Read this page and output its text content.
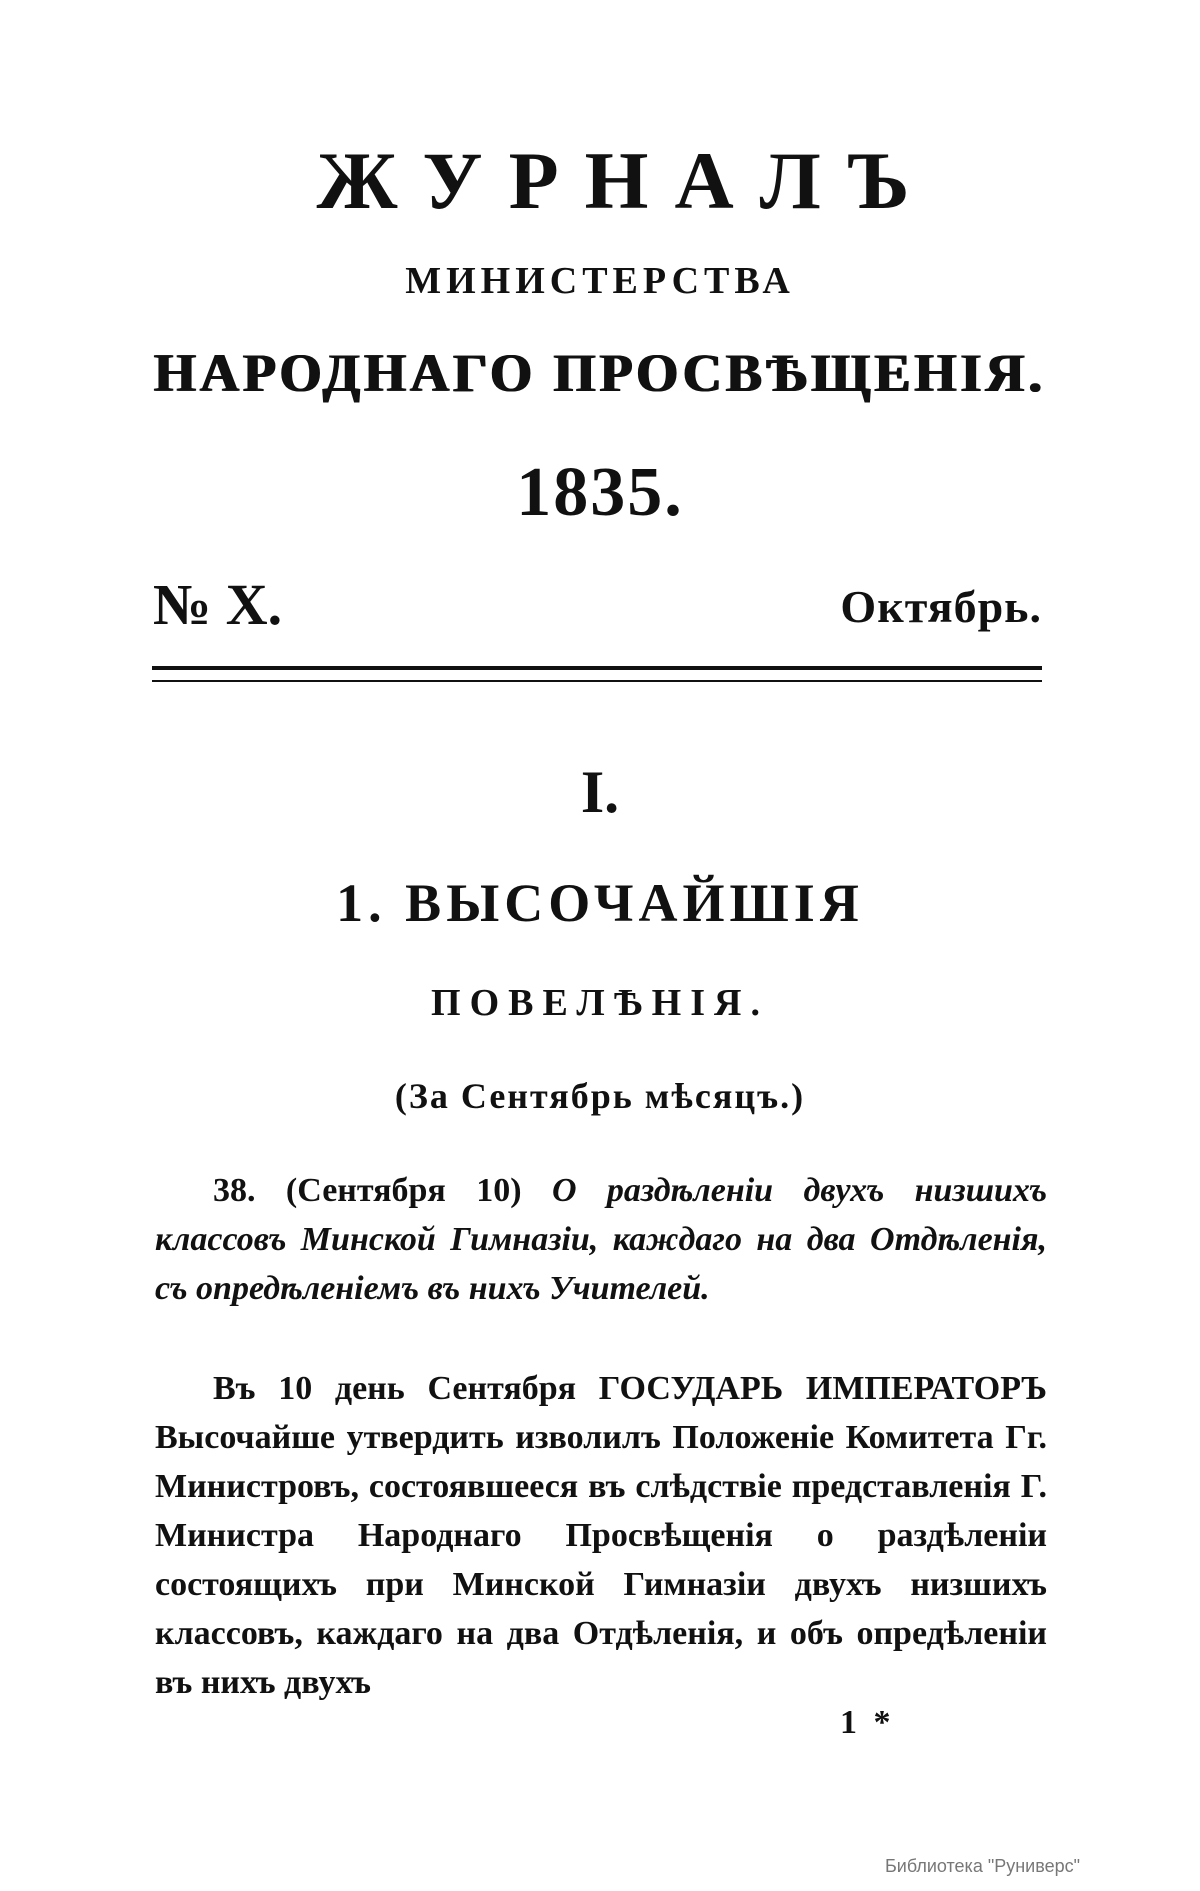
ЖУРНАЛЪ
МИНИСТЕРСТВА
НАРОДНАГО ПРОСВѢЩЕНІЯ.
1835.
№ X.	Октябрь.
I.
1. ВЫСОЧАЙШІЯ
ПОВЕЛѢНІЯ.
(За Сентябрь мѣсяцъ.)
38. (Сентября 10) О раздѣленіи двухъ низшихъ классовъ Минской Гимназіи, каждаго на два Отдѣленія, съ опредѣленіемъ въ нихъ Учителей.
Въ 10 день Сентября ГОСУДАРЬ ИМПЕРАТОРЪ Высочайше утвердить изволилъ Положеніе Комитета Гг. Министровъ, состоявшееся въ слѣдствіе представленія Г. Министра Народнаго Просвѣщенія о раздѣленіи состоящихъ при Минской Гимназіи двухъ низшихъ классовъ, каждаго на два Отдѣленія, и объ опредѣленіи въ нихъ двухъ
1 *
Библиотека "Руниверс"
